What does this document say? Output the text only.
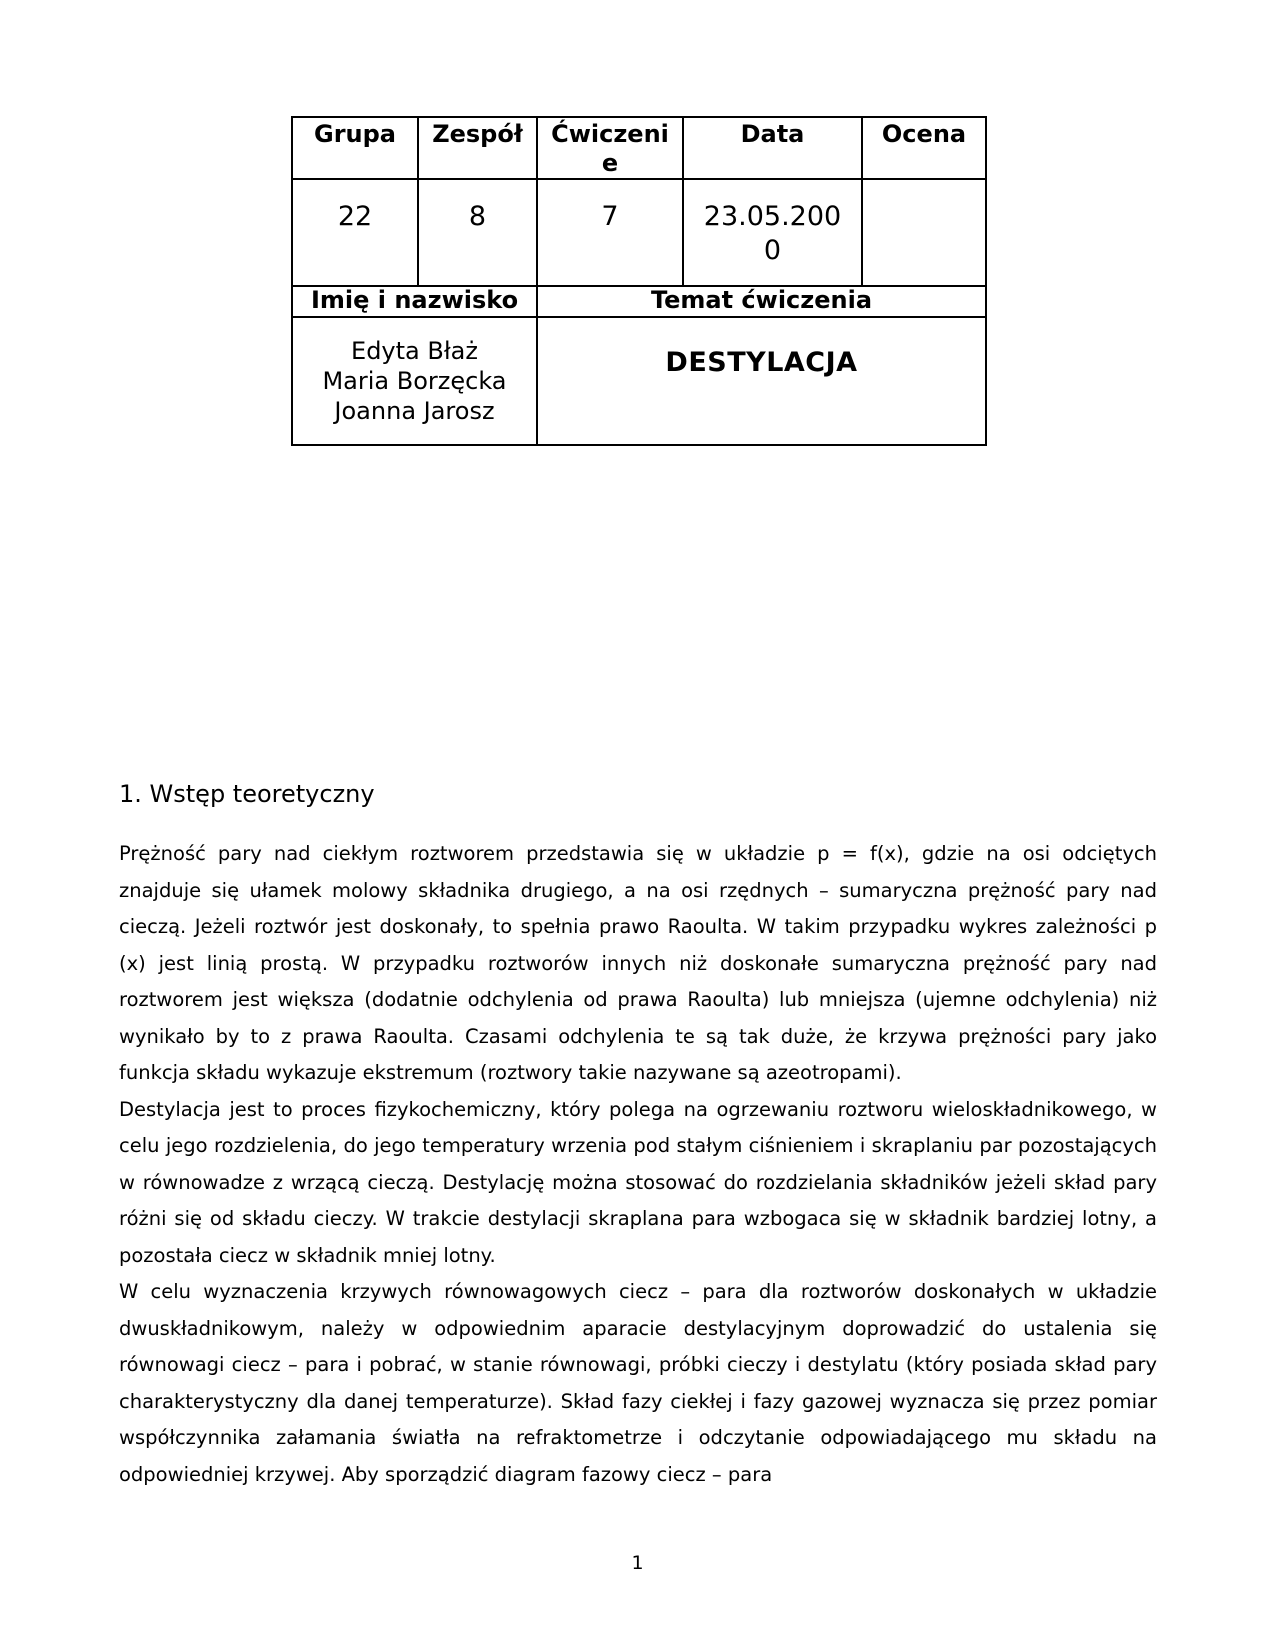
Grupa	Zespół	Ćwiczenie	Data	Ocena
22	8	7	23.05.2000	
Imię i nazwisko		Temat ćwiczenia		

Edyta Błaż
Maria Borzęcka
Joanna Jarosz		DESTYLACJA		
1. Wstęp teoretyczny

Prężność pary nad ciekłym roztworem przedstawia się w układzie p = f(x), gdzie na osi odciętych znajduje się ułamek molowy składnika drugiego, a na osi rzędnych – sumaryczna prężność pary nad cieczą. Jeżeli roztwór jest doskonały, to spełnia prawo Raoulta. W takim przypadku wykres zależności p (x) jest linią prostą. W przypadku roztworów innych niż doskonałe sumaryczna prężność pary nad roztworem jest większa (dodatnie odchylenia od prawa Raoulta) lub mniejsza (ujemne odchylenia) niż wynikało by to z prawa Raoulta. Czasami odchylenia te są tak duże, że krzywa prężności pary jako funkcja składu wykazuje ekstremum (roztwory takie nazywane są azeotropami).

Destylacja jest to proces fizykochemiczny, który polega na ogrzewaniu roztworu wieloskładnikowego, w celu jego rozdzielenia, do jego temperatury wrzenia pod stałym ciśnieniem i skraplaniu par pozostających w równowadze z wrzącą cieczą. Destylację można stosować do rozdzielania składników jeżeli skład pary różni się od składu cieczy. W trakcie destylacji skraplana para wzbogaca się w składnik bardziej lotny, a pozostała ciecz w składnik mniej lotny.

W celu wyznaczenia krzywych równowagowych ciecz – para dla roztworów doskonałych w układzie dwuskładnikowym, należy w odpowiednim aparacie destylacyjnym doprowadzić do ustalenia się równowagi ciecz – para i pobrać, w stanie równowagi, próbki cieczy i destylatu (który posiada skład pary charakterystyczny dla danej temperaturze). Skład fazy ciekłej i fazy gazowej wyznacza się przez pomiar współczynnika załamania światła na refraktometrze i odczytanie odpowiadającego mu składu na odpowiedniej krzywej. Aby sporządzić diagram fazowy ciecz – para

1
